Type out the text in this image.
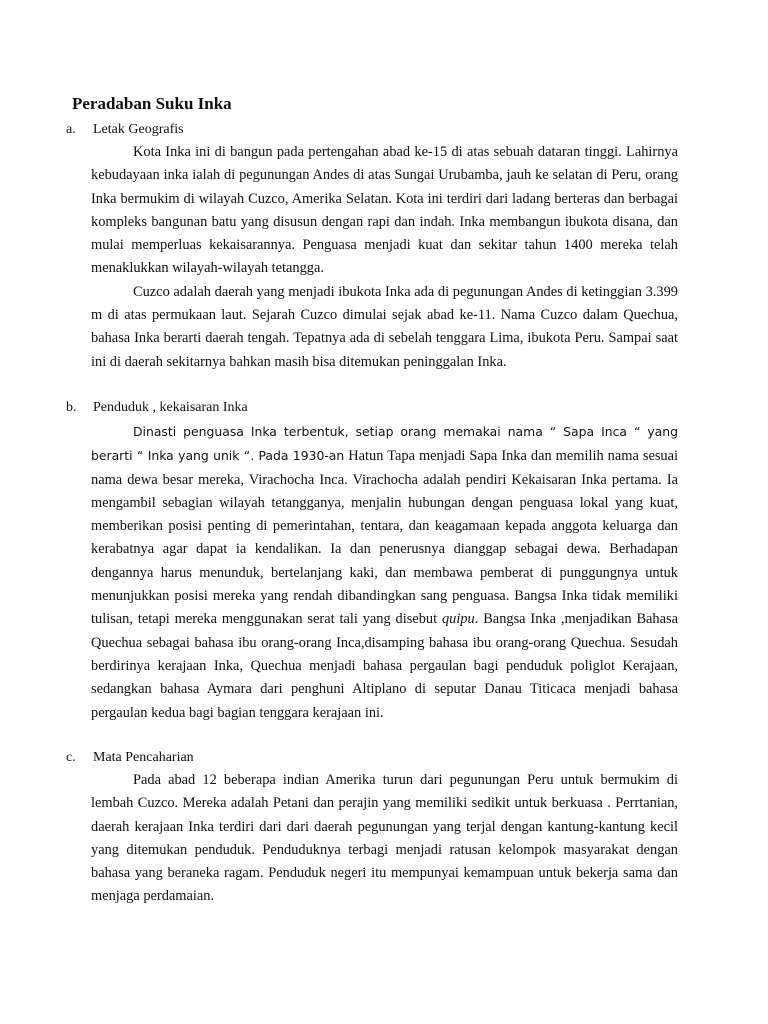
Peradaban Suku Inka
a. Letak Geografis

Kota Inka ini di bangun pada pertengahan abad ke-15 di atas sebuah dataran tinggi. Lahirnya kebudayaan inka ialah di pegunungan Andes di atas Sungai Urubamba, jauh ke selatan di Peru, orang Inka bermukim di wilayah Cuzco, Amerika Selatan. Kota ini terdiri dari ladang berteras dan berbagai kompleks bangunan batu yang disusun dengan rapi dan indah. Inka membangun ibukota disana, dan mulai memperluas kekaisarannya. Penguasa menjadi kuat dan sekitar tahun 1400 mereka telah menaklukkan wilayah-wilayah tetangga.

Cuzco adalah daerah yang menjadi ibukota Inka ada di pegunungan Andes di ketinggian 3.399 m di atas permukaan laut. Sejarah Cuzco dimulai sejak abad ke-11. Nama Cuzco dalam Quechua, bahasa Inka berarti daerah tengah. Tepatnya ada di sebelah tenggara Lima, ibukota Peru. Sampai saat ini di daerah sekitarnya bahkan masih bisa ditemukan peninggalan Inka.

b. Penduduk , kekaisaran Inka

Dinasti penguasa Inka terbentuk, setiap orang memakai nama “ Sapa Inca “ yang berarti “ Inka yang unik “. Pada 1930-an Hatun Tapa menjadi Sapa Inka dan memilih nama sesuai nama dewa besar mereka, Virachocha Inca. Virachocha adalah pendiri Kekaisaran Inka pertama. Ia mengambil sebagian wilayah tetangganya, menjalin hubungan dengan penguasa lokal yang kuat, memberikan posisi penting di pemerintahan, tentara, dan keagamaan kepada anggota keluarga dan kerabatnya agar dapat ia kendalikan. Ia dan penerusnya dianggap sebagai dewa. Berhadapan dengannya harus menunduk, bertelanjang kaki, dan membawa pemberat di punggungnya untuk menunjukkan posisi mereka yang rendah dibandingkan sang penguasa. Bangsa Inka tidak memiliki tulisan, tetapi mereka menggunakan serat tali yang disebut quipu. Bangsa Inka ,menjadikan Bahasa Quechua sebagai bahasa ibu orang-orang Inca,disamping bahasa ibu orang-orang Quechua. Sesudah berdirinya kerajaan Inka, Quechua menjadi bahasa pergaulan bagi penduduk poliglot Kerajaan, sedangkan bahasa Aymara dari penghuni Altiplano di seputar Danau Titicaca menjadi bahasa pergaulan kedua bagi bagian tenggara kerajaan ini.

c. Mata Pencaharian

Pada abad 12 beberapa indian Amerika turun dari pegunungan Peru untuk bermukim di lembah Cuzco. Mereka adalah Petani dan perajin yang memiliki sedikit untuk berkuasa . Perrtanian, daerah kerajaan Inka terdiri dari dari daerah pegunungan yang terjal dengan kantung-kantung kecil yang ditemukan penduduk. Penduduknya terbagi menjadi ratusan kelompok masyarakat dengan bahasa yang beraneka ragam. Penduduk negeri itu mempunyai kemampuan untuk bekerja sama dan menjaga perdamaian.
